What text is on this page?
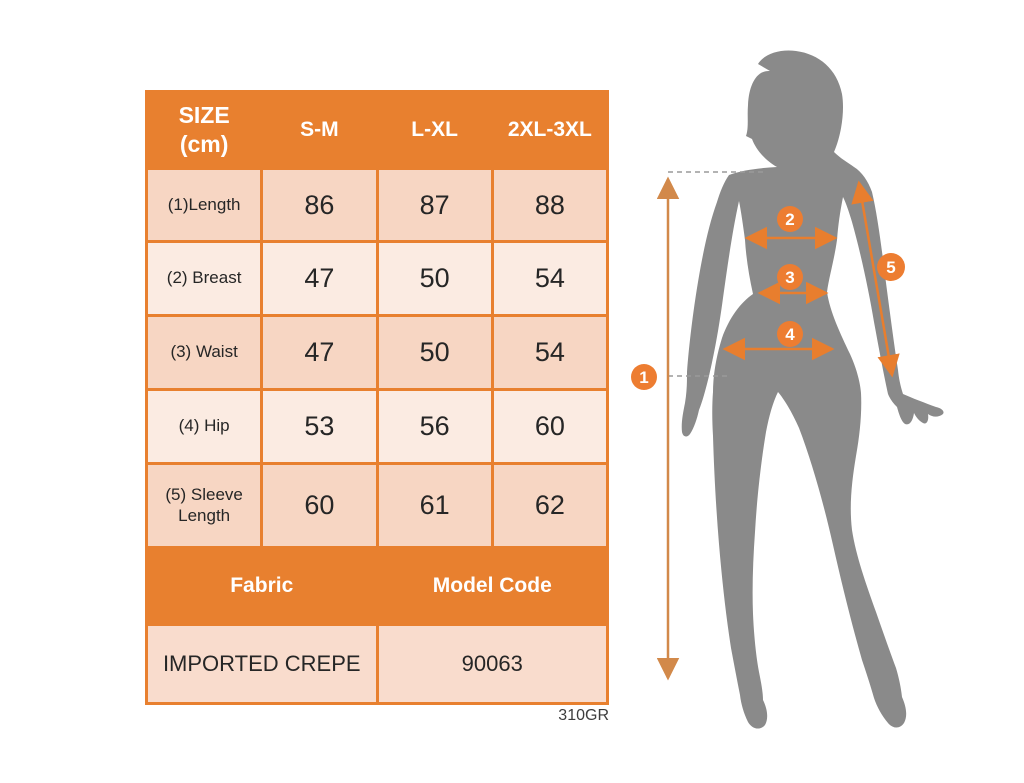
SIZE
(cm)
S-M	L-XL	2XL-3XL
(1)Length	86	87	88
(2) Breast	47	50	54
(3) Waist	47	50	54
(4) Hip	53	56	60
(5) Sleeve Length	60	61	62
Fabric	Model Code
IMPORTED CREPE	90063
310GR
1
2
3
4
5
